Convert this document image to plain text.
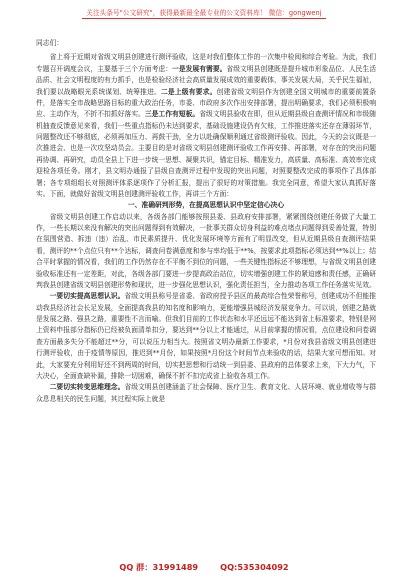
关注头条号"公文研究"，获得最新最全最专业的公文资料库！ 微信：gongwenj

同志们：

省上将于近期对省级文明县创建进行测评验收，这是对我们整体工作的一次集中检阅和综合考验。为此，我们专题召开调度会议，主要基于三个方面考虑：一是发展有需要。省级文明县创建既是提升城市形象品位、人民生活品质、社会文明程度的有力抓手，也是检验经济社会高质量发展成效的重要载体，事关发展大局，关乎民生福祉，我们要以战略眼光系统谋划、统筹推进。二是上级有要求。创建省级文明县作为创建全国文明城市的重要前置条件，是落实全市战略思路目标的重大政治任务，市委、市政府多次作出安排部署，提出明确要求，我们必须积极响应、主动作为，不折不扣抓好落实。三是工作有短板。省级文明县验收在即，但从近期县级自查测评情况和市级随机抽查反馈意见来看，我们一些重点指标仍未达到要求，基础设施建设仍有欠账，工作推进落实还存在薄弱环节，问题整改还不够彻底，必须再加压力、再鼓干劲，全力以赴确保顺利通过省级测评验收。因此，今天的会议既是一次推进会、也是一次攻坚动员会。主要目的是对省级文明县创建测评验收工作再安排、再部署，对存在的突出问题再协调、再研究，动员全县上下进一步统一思想、凝聚共识，锚定目标、精准发力，高质量、高标准、高效率完成迎检各项任务。刚才，县文明办通报了县级自查测评过程中发现的突出问题，对照要整改完成的事项作了具体部署；各专项组组长对照测评体系逐项作了分析汇报，提出了很好的对策措施。我完全同意，希望大家认真抓好落实。下面，就做好省级文明县创建测评验收工作，再讲三个方面：

一、准确研判形势，在提高思想认识中坚定信心决心

省级文明县创建工作启动以来，各级各部门能够按照县委、县政府安排部署，紧紧围绕创建任务做了大量工作，一些长期以来没有解决的突出问题得到有效解决，一批事关群众切身利益的难点堵点问题得到妥善处置，特别在氛围营造、拆违（违）治乱、市民素质提升、优化发展环境等方面有了明显改变，但从近期县级自查测评结果看，测评的**个点位只有**个达标，调查问卷满意度和参与率均低于**%，按要求此项指标必须达到**%以上；结合平时掌握的情况看，我们的工作仍然存在不平衡不到位的问题，一些关键性指标还不够理想，与省级文明县创建验收标准还有一定差距，对此，各级各部门要进一步提高政治站位，切实增强创建工作的紧迫感和责任感，正确研判我县创建省级文明县创建形势和现状，进一步强化思想认识，强化责任担当，全力推动各项工作任务落实见效。

一要切实提高思想认识。省级文明县称号是省委、省政府授予县区的最高综合性荣誉称号，创建成功不但能推动我县经济社会长足发展，全面提高我县的知名度和影响力，更能增强县城经济发展竞争力。可以说，创建之路就是发展之路、强县之路，重要性不言而喻。但我们目前的工作状态和水平还远远不能达到省上标准要求，特别是网上资料申报部分指标仍已经被负面清单扣分，要达到**分以上才能通过，从目前掌握的情况看，点位建设和问卷调查方面最多失分不能超过**分，可以说压力相当大。按照省文明办最新工作要求，*月份对我县省级文明县创建进行测评验收，由于疫情等原因，推迟到**月份，如果按照*月份这个时间节点来验收的话，结果大家可想而知。对此，大家要充分利用好还不到两周的时间，切实把思想和行动统一到县委、县政府的总体要求上来，下大力气，下大决心，全面查缺补漏，排除一切困难，确保不折不扣完成省上验收各项工作。

二要切实转变思维理念。省级文明县创建涵盖了社会保障、医疗卫生、教育文化、人居环境、就业增收等与群众息息相关的民生问题，其过程实际上就是

QQ 群：31991489	QQ:535304092
